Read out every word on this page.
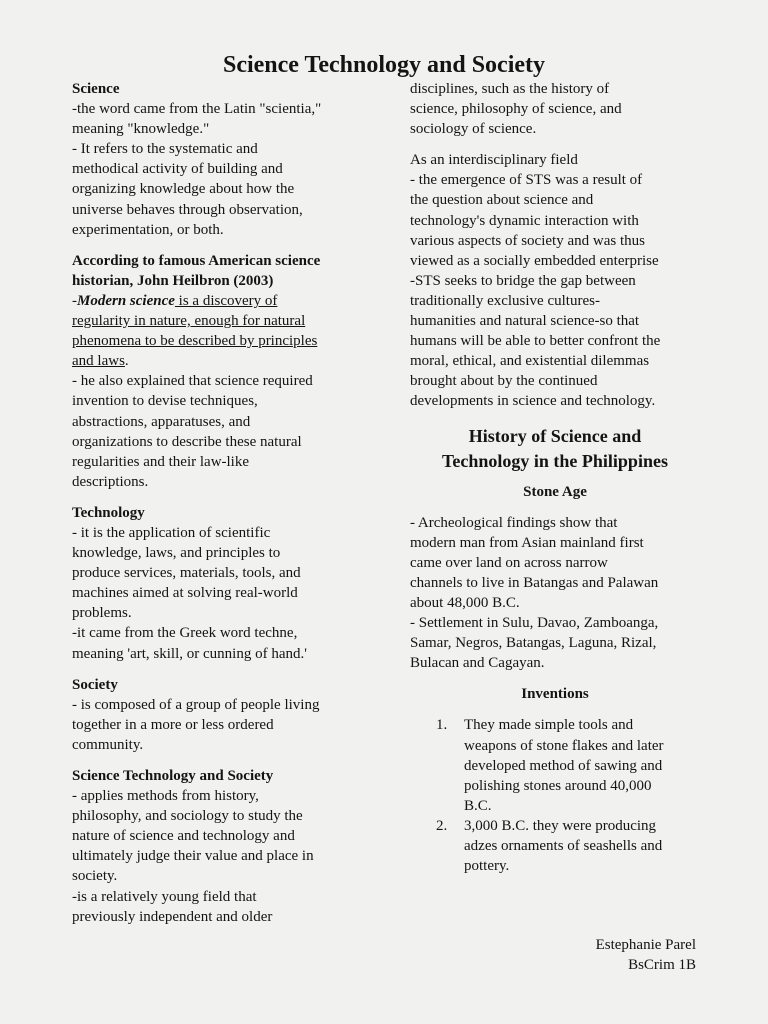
Science Technology and Society
Science
-the word came from the Latin "scientia,"
meaning "knowledge."
- It refers to the systematic and
methodical activity of building and
organizing knowledge about how the
universe behaves through observation,
experimentation, or both.
According to famous American science
historian, John Heilbron (2003)
-Modern science is a discovery of
regularity in nature, enough for natural
phenomena to be described by principles
and laws.
- he also explained that science required
invention to devise techniques,
abstractions, apparatuses, and
organizations to describe these natural
regularities and their law-like
descriptions.
Technology
- it is the application of scientific
knowledge, laws, and principles to
produce services, materials, tools, and
machines aimed at solving real-world
problems.
-it came from the Greek word techne,
meaning 'art, skill, or cunning of hand.'
Society
- is composed of a group of people living
together in a more or less ordered
community.
Science Technology and Society
- applies methods from history,
philosophy, and sociology to study the
nature of science and technology and
ultimately judge their value and place in
society.
-is a relatively young field that
previously independent and older
disciplines, such as the history of
science, philosophy of science, and
sociology of science.
As an interdisciplinary field
- the emergence of STS was a result of
the question about science and
technology's dynamic interaction with
various aspects of society and was thus
viewed as a socially embedded enterprise
-STS seeks to bridge the gap between
traditionally exclusive cultures-
humanities and natural science-so that
humans will be able to better confront the
moral, ethical, and existential dilemmas
brought about by the continued
developments in science and technology.
History of Science and
Technology in the Philippines
Stone Age
- Archeological findings show that
modern man from Asian mainland first
came over land on across narrow
channels to live in Batangas and Palawan
about 48,000 B.C.
- Settlement in Sulu, Davao, Zamboanga,
Samar, Negros, Batangas, Laguna, Rizal,
Bulacan and Cagayan.
Inventions
1. They made simple tools and
weapons of stone flakes and later
developed method of sawing and
polishing stones around 40,000
B.C.
2. 3,000 B.C. they were producing
adzes ornaments of seashells and
pottery.
Estephanie Parel
BsCrim 1B
